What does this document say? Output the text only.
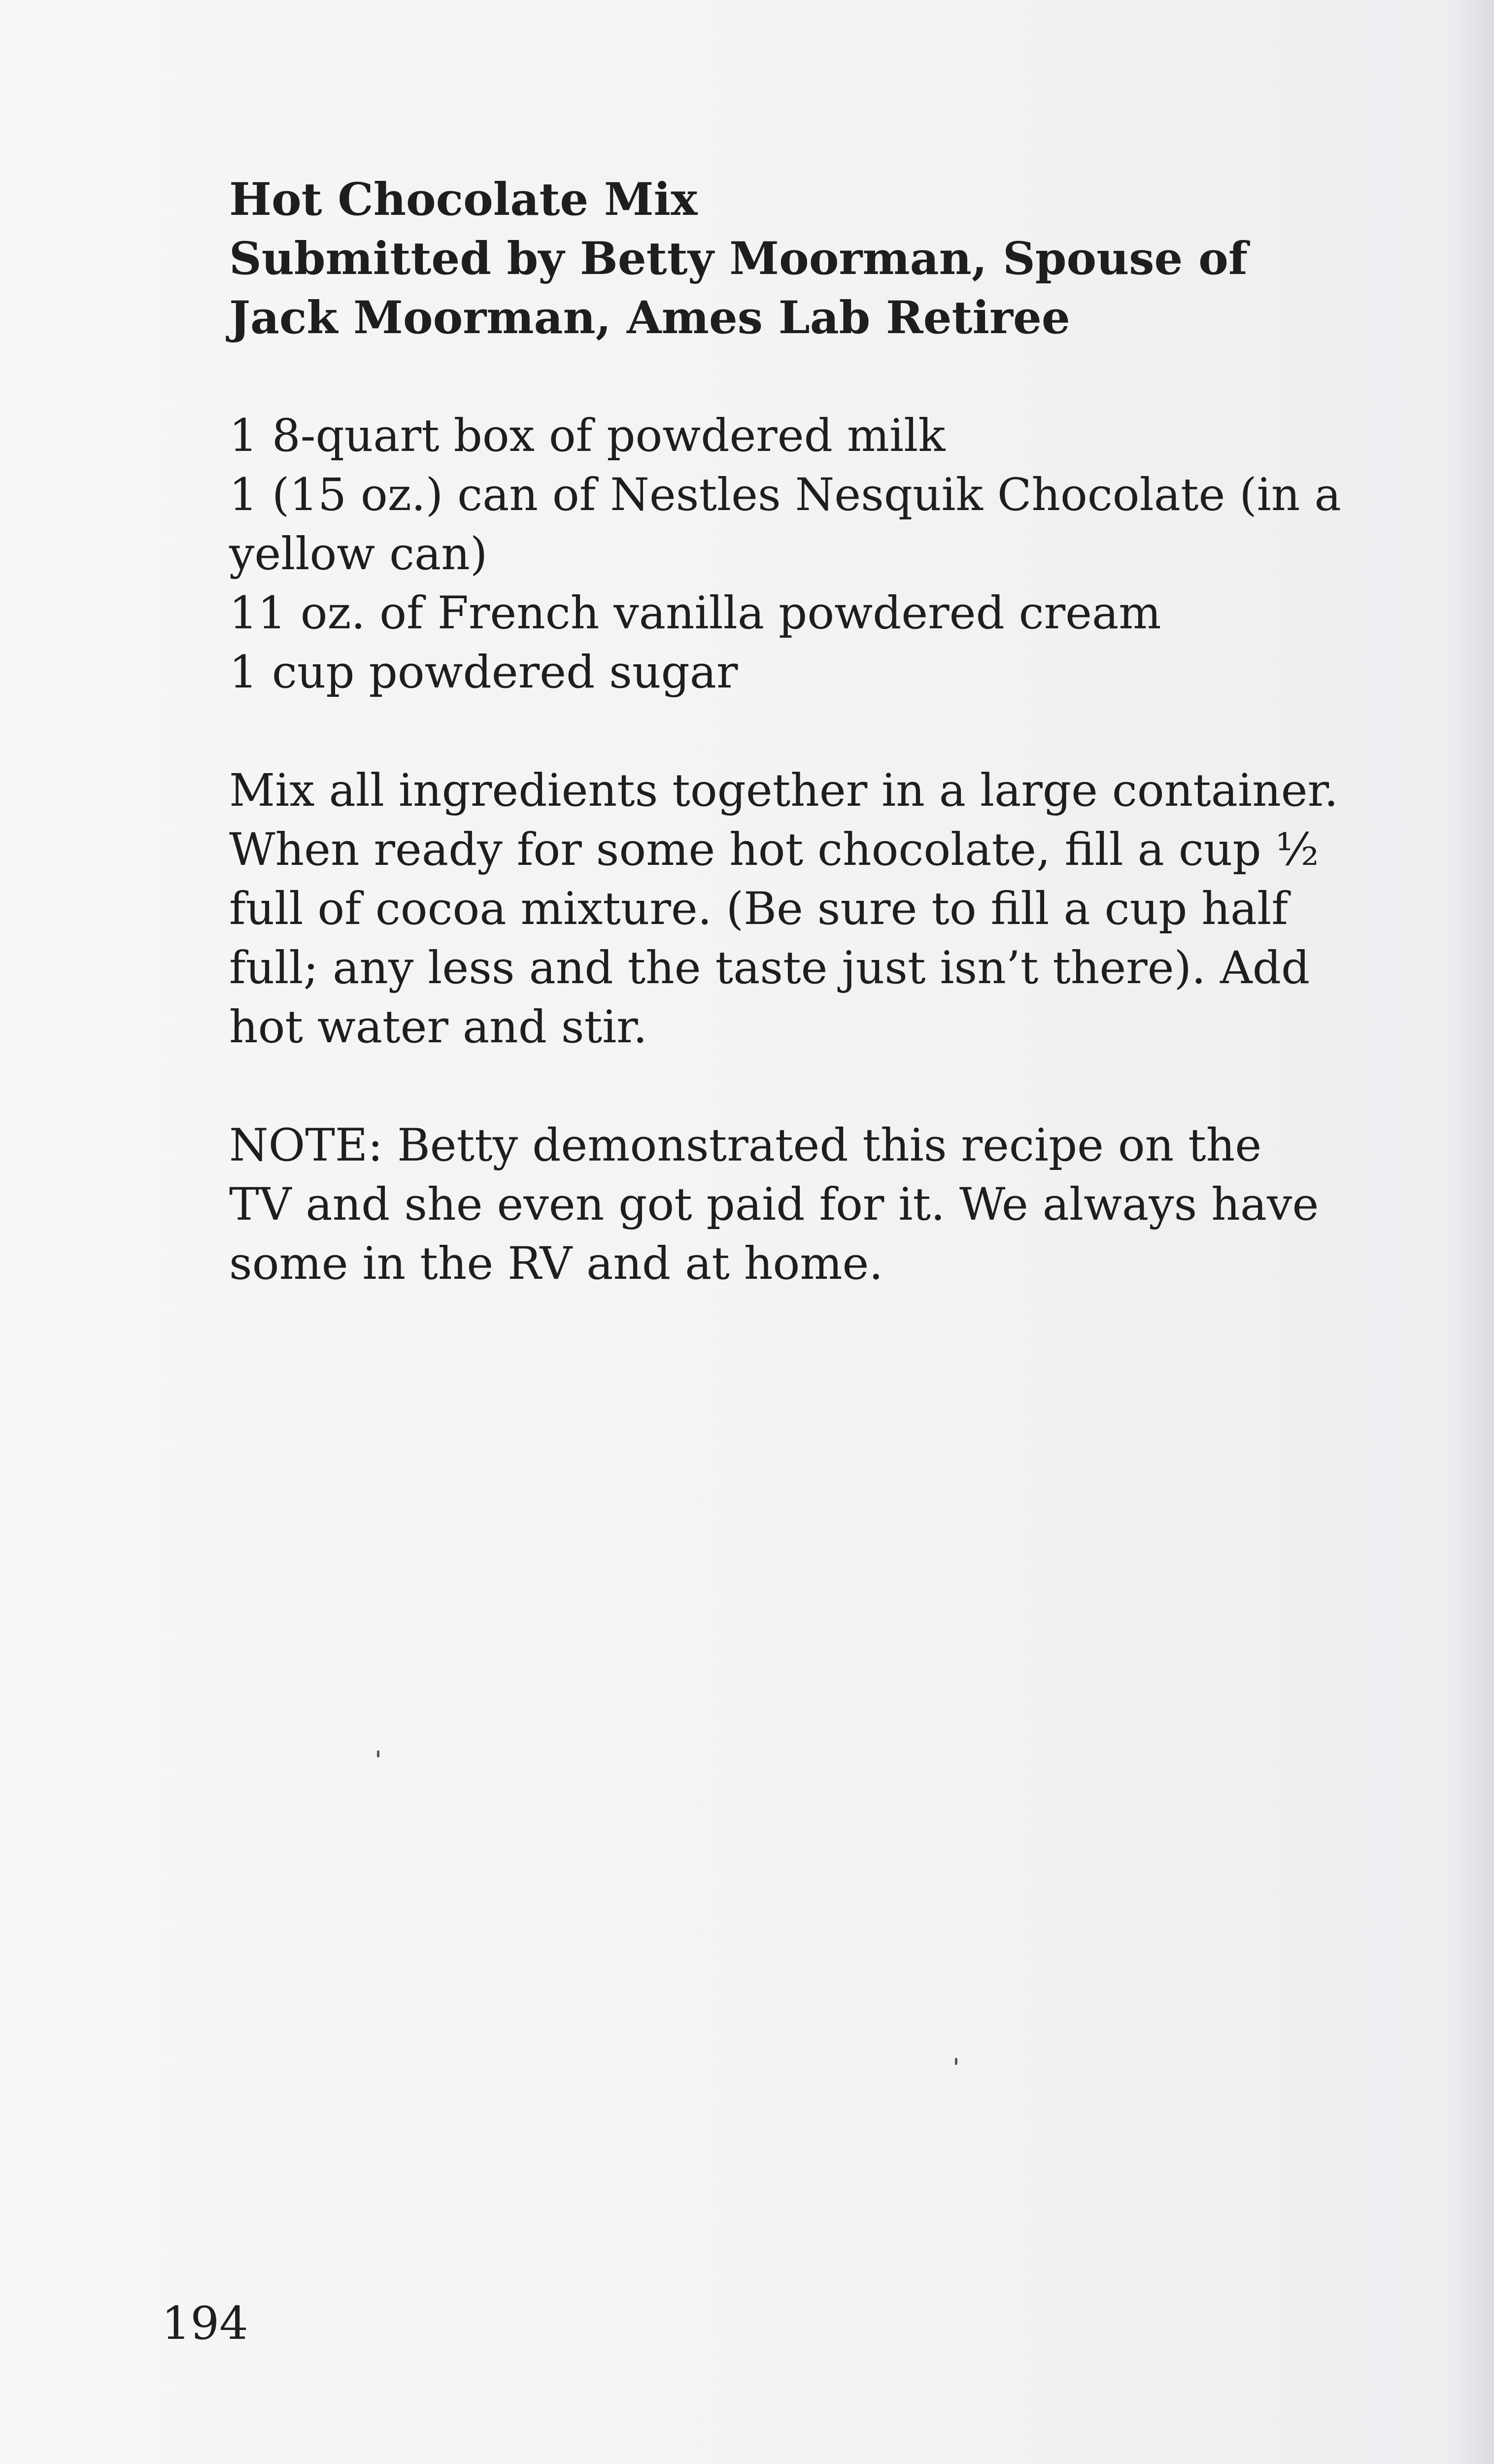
Hot Chocolate Mix
Submitted by Betty Moorman, Spouse of
Jack Moorman, Ames Lab Retiree
1 8-quart box of powdered milk
1 (15 oz.) can of Nestles Nesquik Chocolate (in a
yellow can)
11 oz. of French vanilla powdered cream
1 cup powdered sugar
Mix all ingredients together in a large container.
When ready for some hot chocolate, fill a cup ½
full of cocoa mixture. (Be sure to fill a cup half
full; any less and the taste just isn’t there). Add
hot water and stir.
NOTE: Betty demonstrated this recipe on the
TV and she even got paid for it. We always have
some in the RV and at home.
194
